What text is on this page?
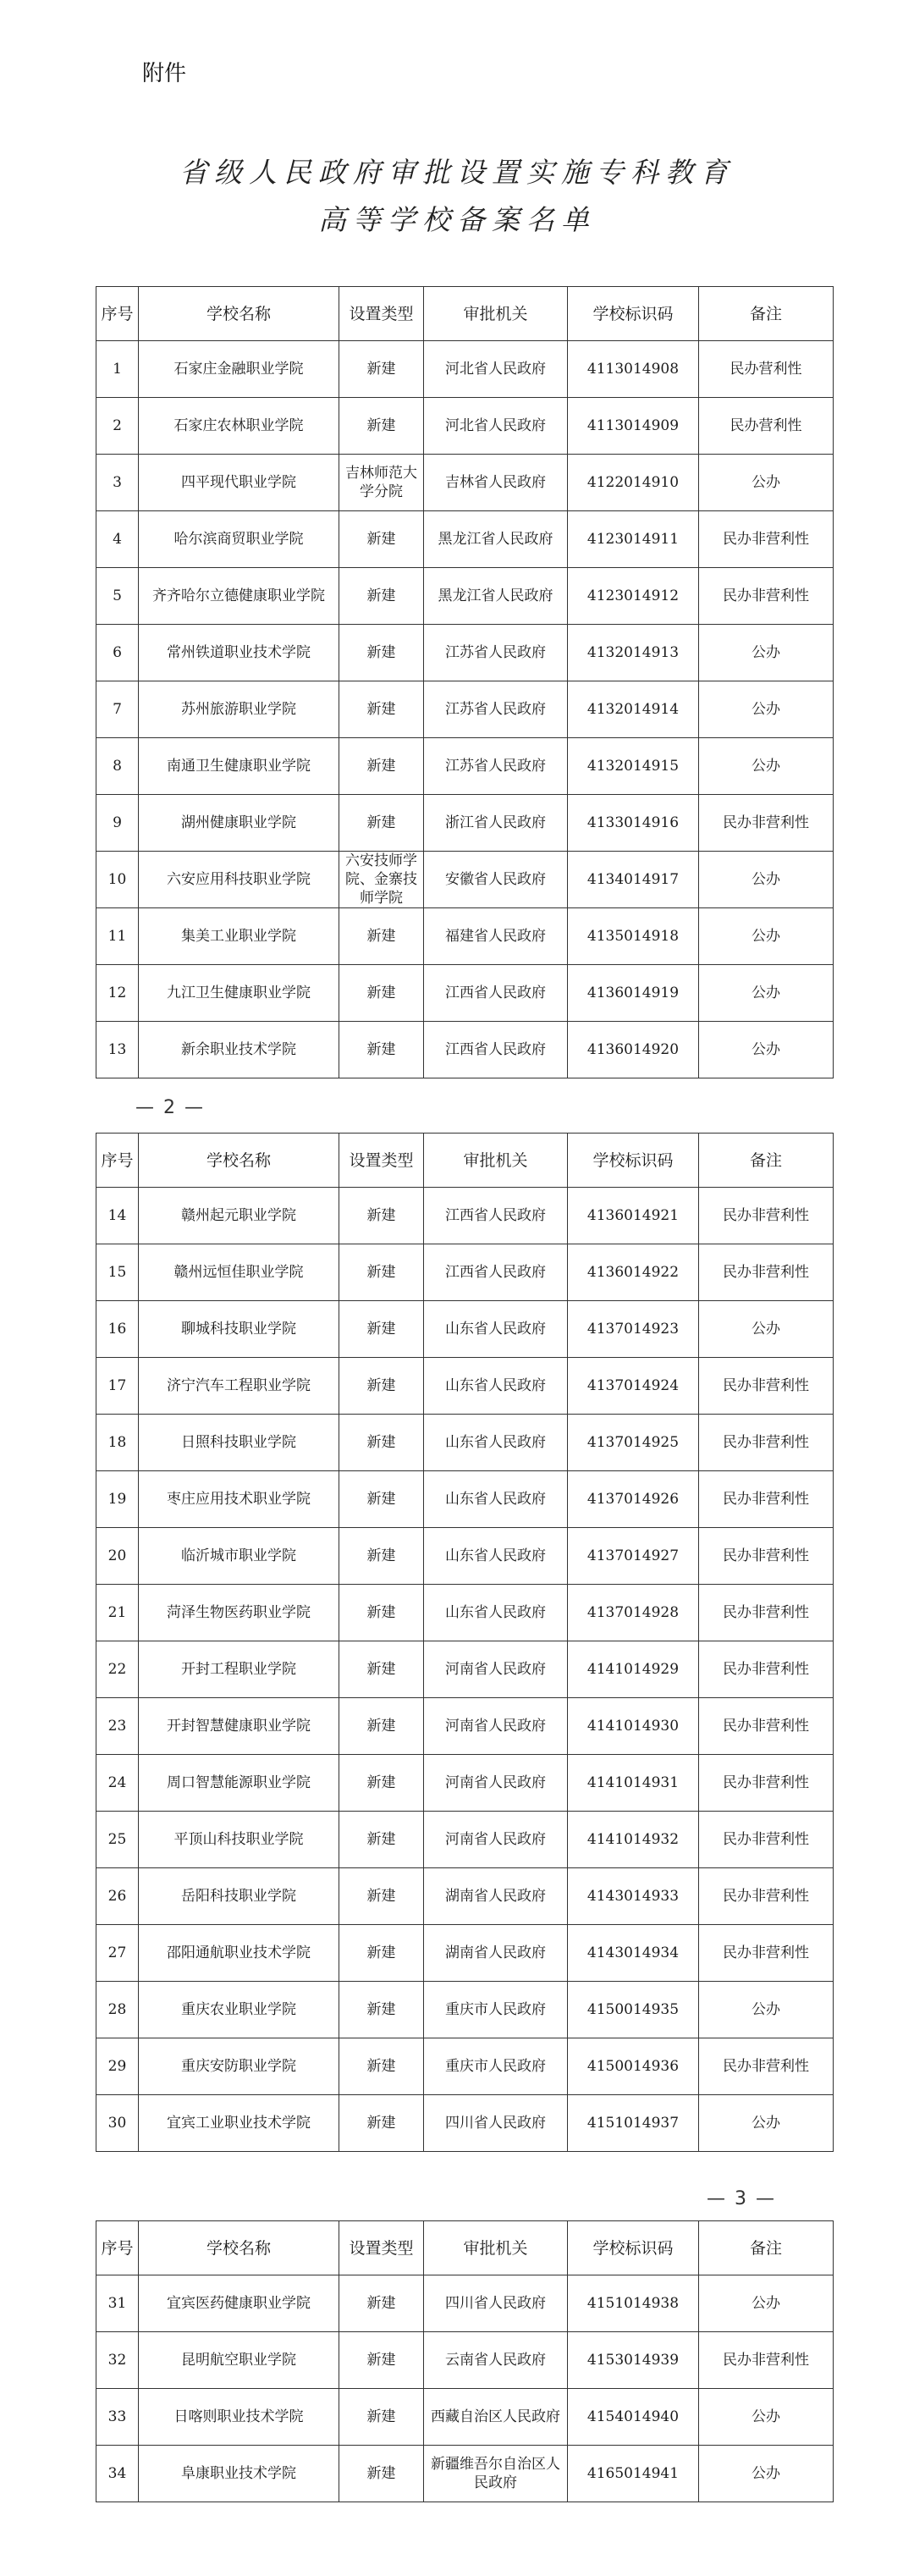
附件
省级人民政府审批设置实施专科教育
高等学校备案名单
序号	学校名称	设置类型	审批机关	学校标识码	备注
1	石家庄金融职业学院	新建	河北省人民政府	4113014908	民办营利性
2	石家庄农林职业学院	新建	河北省人民政府	4113014909	民办营利性
3	四平现代职业学院	吉林师范大学分院	吉林省人民政府	4122014910	公办
4	哈尔滨商贸职业学院	新建	黑龙江省人民政府	4123014911	民办非营利性
5	齐齐哈尔立德健康职业学院	新建	黑龙江省人民政府	4123014912	民办非营利性
6	常州铁道职业技术学院	新建	江苏省人民政府	4132014913	公办
7	苏州旅游职业学院	新建	江苏省人民政府	4132014914	公办
8	南通卫生健康职业学院	新建	江苏省人民政府	4132014915	公办
9	湖州健康职业学院	新建	浙江省人民政府	4133014916	民办非营利性
10	六安应用科技职业学院	六安技师学院、金寨技师学院	安徽省人民政府	4134014917	公办
11	集美工业职业学院	新建	福建省人民政府	4135014918	公办
12	九江卫生健康职业学院	新建	江西省人民政府	4136014919	公办
13	新余职业技术学院	新建	江西省人民政府	4136014920	公办
— 2 —
序号	学校名称	设置类型	审批机关	学校标识码	备注
14	赣州起元职业学院	新建	江西省人民政府	4136014921	民办非营利性
15	赣州远恒佳职业学院	新建	江西省人民政府	4136014922	民办非营利性
16	聊城科技职业学院	新建	山东省人民政府	4137014923	公办
17	济宁汽车工程职业学院	新建	山东省人民政府	4137014924	民办非营利性
18	日照科技职业学院	新建	山东省人民政府	4137014925	民办非营利性
19	枣庄应用技术职业学院	新建	山东省人民政府	4137014926	民办非营利性
20	临沂城市职业学院	新建	山东省人民政府	4137014927	民办非营利性
21	菏泽生物医药职业学院	新建	山东省人民政府	4137014928	民办非营利性
22	开封工程职业学院	新建	河南省人民政府	4141014929	民办非营利性
23	开封智慧健康职业学院	新建	河南省人民政府	4141014930	民办非营利性
24	周口智慧能源职业学院	新建	河南省人民政府	4141014931	民办非营利性
25	平顶山科技职业学院	新建	河南省人民政府	4141014932	民办非营利性
26	岳阳科技职业学院	新建	湖南省人民政府	4143014933	民办非营利性
27	邵阳通航职业技术学院	新建	湖南省人民政府	4143014934	民办非营利性
28	重庆农业职业学院	新建	重庆市人民政府	4150014935	公办
29	重庆安防职业学院	新建	重庆市人民政府	4150014936	民办非营利性
30	宜宾工业职业技术学院	新建	四川省人民政府	4151014937	公办
— 3 —
序号	学校名称	设置类型	审批机关	学校标识码	备注
31	宜宾医药健康职业学院	新建	四川省人民政府	4151014938	公办
32	昆明航空职业学院	新建	云南省人民政府	4153014939	民办非营利性
33	日喀则职业技术学院	新建	西藏自治区人民政府	4154014940	公办
34	阜康职业技术学院	新建	新疆维吾尔自治区人民政府	4165014941	公办
